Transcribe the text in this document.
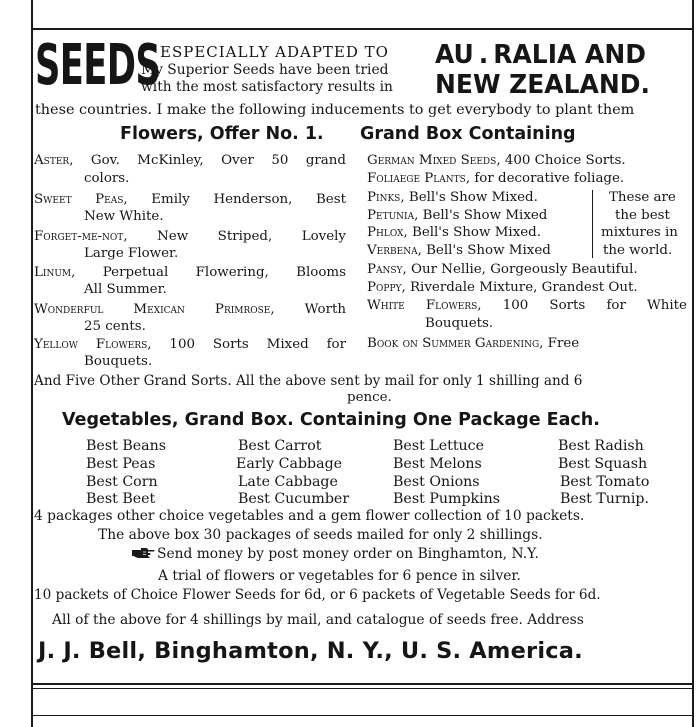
SEEDS ESPECIALLY ADAPTED TO
My Superior Seeds have been tried
with the most satisfactory results in
AU . RALIA AND
NEW ZEALAND.
these countries. I make the following inducements to get everybody to plant them
Flowers, Offer No. 1. Grand Box Containing
Aster, Gov. McKinley, Over 50 grand
colors.
Sweet Peas, Emily Henderson, Best
New White.
Forget-me-not, New Striped, Lovely
Large Flower.
Linum, Perpetual Flowering, Blooms
All Summer.
Wonderful Mexican Primrose, Worth
25 cents.
Yellow Flowers, 100 Sorts Mixed for
Bouquets.
German Mixed Seeds, 400 Choice Sorts.
Foliaege Plants, for decorative foliage.
Pinks, Bell's Show Mixed.
Petunia, Bell's Show Mixed
Phlox, Bell's Show Mixed.
Verbena, Bell's Show Mixed
These are
the best
mixtures in
the world.
Pansy, Our Nellie, Gorgeously Beautiful.
Poppy, Riverdale Mixture, Grandest Out.
White Flowers, 100 Sorts for White
Bouquets.
Book on Summer Gardening, Free
And Five Other Grand Sorts. All the above sent by mail for only 1 shilling and 6
pence.
Vegetables, Grand Box. Containing One Package Each.
Best Beans
Best Peas
Best Corn
Best Beet
Best Carrot
Early Cabbage
Late Cabbage
Best Cucumber
Best Lettuce
Best Melons
Best Onions
Best Pumpkins
Best Radish
Best Squash
Best Tomato
Best Turnip.
4 packages other choice vegetables and a gem flower collection of 10 packets.
The above box 30 packages of seeds mailed for only 2 shillings.
Send money by post money order on Binghamton, N.Y.
A trial of flowers or vegetables for 6 pence in silver.
10 packets of Choice Flower Seeds for 6d, or 6 packets of Vegetable Seeds for 6d.
All of the above for 4 shillings by mail, and catalogue of seeds free. Address
J. J. Bell, Binghamton, N. Y., U. S. America.
